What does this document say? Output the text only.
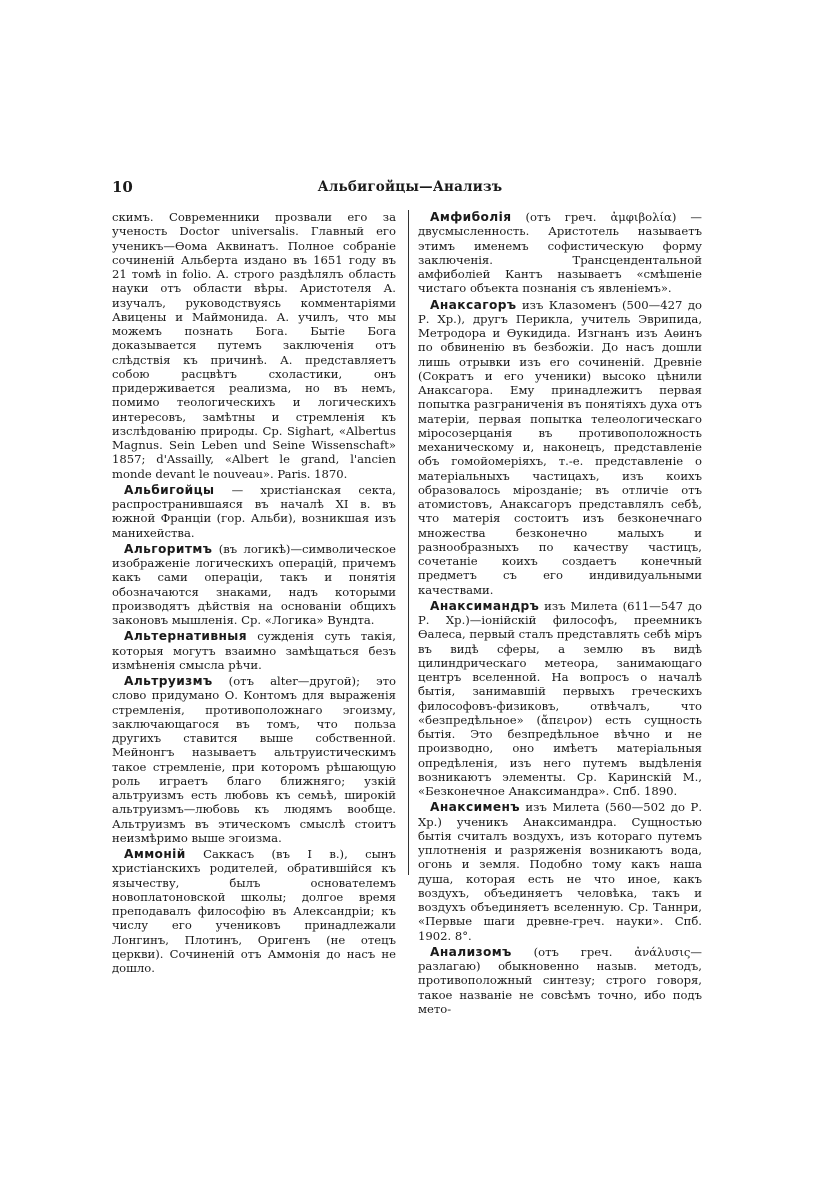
10	Альбигойцы—Анализъ

скимъ. Современники прозвали его за ученость Doctor universalis. Главный его ученикъ—Ѳома Аквинатъ. Полное собраніе сочиненій Альберта издано въ 1651 году въ 21 томѣ in folio. А. строго раздѣлялъ область науки отъ области вѣры. Аристотеля А. изучалъ, руководствуясь комментаріями Авицены и Маймонида. А. училъ, что мы можемъ познать Бога. Бытіе Бога доказывается путемъ заключенія отъ слѣдствія къ причинѣ. А. представляетъ собою расцвѣтъ схоластики, онъ придерживается реализма, но въ немъ, помимо теологическихъ и логическихъ интересовъ, замѣтны и стремленія къ изслѣдованію природы. Ср. Sighart, «Albertus Magnus. Sein Leben und Seine Wissenschaft» 1857; d'Assailly, «Albert le grand, l'ancien monde devant le nouveau». Paris. 1870.

Альбигойцы — христіанская секта, распространившаяся въ началѣ XI в. въ южной Франціи (гор. Альби), возникшая изъ манихейства.

Альгоритмъ (въ логикѣ)—символическое изображеніе логическихъ операцій, причемъ какъ сами операціи, такъ и понятія обозначаются знаками, надъ которыми производятъ дѣйствія на основаніи общихъ законовъ мышленія. Ср. «Логика» Вундта.

Альтернативныя сужденія суть такія, которыя могутъ взаимно замѣщаться безъ измѣненія смысла рѣчи.

Альтруизмъ (отъ alter—другой); это слово придумано О. Контомъ для выраженія стремленія, противоположнаго эгоизму, заключающагося въ томъ, что польза другихъ ставится выше собственной. Мейнонгъ называетъ альтруистическимъ такое стремленіе, при которомъ рѣшающую роль играетъ благо ближняго; узкій альтруизмъ есть любовь къ семьѣ, широкій альтруизмъ—любовь къ людямъ вообще. Альтруизмъ въ этическомъ смыслѣ стоитъ неизмѣримо выше эгоизма.

Аммоній Саккасъ (въ I в.), сынъ христіанскихъ родителей, обратившійся къ язычеству, былъ основателемъ новоплатоновской школы; долгое время преподавалъ философію въ Александріи; къ числу его учениковъ принадлежали Лонгинъ, Плотинъ, Оригенъ (не отецъ церкви). Сочиненій отъ Аммонія до насъ не дошло.

Амфиболія (отъ греч. ἀμφιβολία) — двусмысленность. Аристотель называетъ этимъ именемъ софистическую форму заключенія. Трансцендентальной амфиболіей Кантъ называетъ «смѣшеніе чистаго объекта познанія съ явленіемъ».

Анаксагоръ изъ Клазоменъ (500—427 до Р. Хр.), другъ Перикла, учитель Эврипида, Метродора и Ѳукидида. Изгнанъ изъ Аѳинъ по обвиненію въ безбожіи. До насъ дошли лишь отрывки изъ его сочиненій. Древніе (Сократъ и его ученики) высоко цѣнили Анаксагора. Ему принадлежитъ первая попытка разграниченія въ понятіяхъ духа отъ матеріи, первая попытка телеологическаго міросозерцанія въ противоположность механическому и, наконецъ, представленіе объ гомойомеріяхъ, т.-е. представленіе о матеріальныхъ частицахъ, изъ коихъ образовалось мірозданіе; въ отличіе отъ атомистовъ, Анаксагоръ представлялъ себѣ, что матерія состоитъ изъ безконечнаго множества безконечно малыхъ и разнообразныхъ по качеству частицъ, сочетаніе коихъ создаетъ конечный предметъ съ его индивидуальными качествами.

Анаксимандръ изъ Милета (611—547 до Р. Хр.)—іонійскій философъ, преемникъ Ѳалеса, первый сталъ представлять себѣ міръ въ видѣ сферы, а землю въ видѣ цилиндрическаго метеора, занимающаго центръ вселенной. На вопросъ о началѣ бытія, занимавшій первыхъ греческихъ философовъ-физиковъ, отвѣчалъ, что «безпредѣльное» (ἄπειρον) есть сущность бытія. Это безпредѣльное вѣчно и не производно, оно имѣетъ матеріальныя опредѣленія, изъ него путемъ выдѣленія возникаютъ элементы. Ср. Каринскій М., «Безконечное Анаксимандра». Спб. 1890.

Анаксименъ изъ Милета (560—502 до Р. Хр.) ученикъ Анаксимандра. Сущностью бытія считалъ воздухъ, изъ котораго путемъ уплотненія и разряженія возникаютъ вода, огонь и земля. Подобно тому какъ наша душа, которая есть не что иное, какъ воздухъ, объединяетъ человѣка, такъ и воздухъ объединяетъ вселенную. Ср. Таннри, «Первые шаги древне-греч. науки». Спб. 1902. 8°.

Анализомъ (отъ греч. ἀνάλυσις—разлагаю) обыкновенно назыв. методъ, противоположный синтезу; строго говоря, такое названіе не совсѣмъ точно, ибо подъ мето-
